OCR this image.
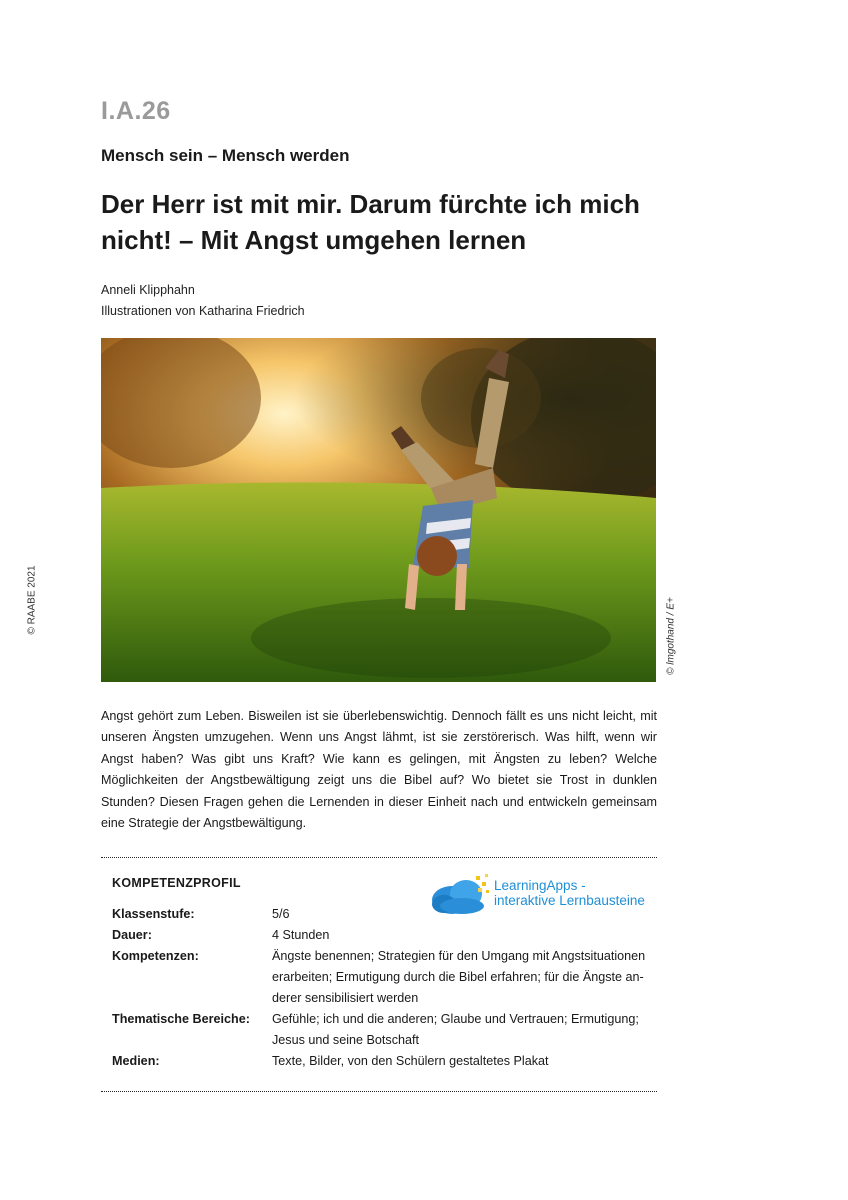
I.A.26
Mensch sein – Mensch werden
Der Herr ist mit mir. Darum fürchte ich mich nicht! – Mit Angst umgehen lernen
Anneli Klipphahn
Illustrationen von Katharina Friedrich
© RAABE 2021	© lmgothand / E+

Angst gehört zum Leben. Bisweilen ist sie überlebenswichtig. Dennoch fällt es uns nicht leicht, mit unseren Ängsten umzugehen. Wenn uns Angst lähmt, ist sie zerstörerisch. Was hilft, wenn wir Angst haben? Was gibt uns Kraft? Wie kann es gelingen, mit Ängsten zu leben? Welche Möglichkeiten der Angstbewältigung zeigt uns die Bibel auf? Wo bietet sie Trost in dunklen Stunden? Diesen Fragen gehen die Lernenden in dieser Einheit nach und entwickeln gemeinsam eine Strategie der Angstbewältigung.

KOMPETENZPROFIL	LearningApps -
interaktive Lernbausteine
Klassenstufe:	5/6
Dauer:	4 Stunden
Kompetenzen:	Ängste benennen; Strategien für den Umgang mit Angstsituationen erarbeiten; Ermutigung durch die Bibel erfahren; für die Ängste anderer sensibilisiert werden
Thematische Bereiche: Gefühle; ich und die anderen; Glaube und Vertrauen; Ermutigung; Jesus und seine Botschaft
Medien:	Texte, Bilder, von den Schülern gestaltetes Plakat
